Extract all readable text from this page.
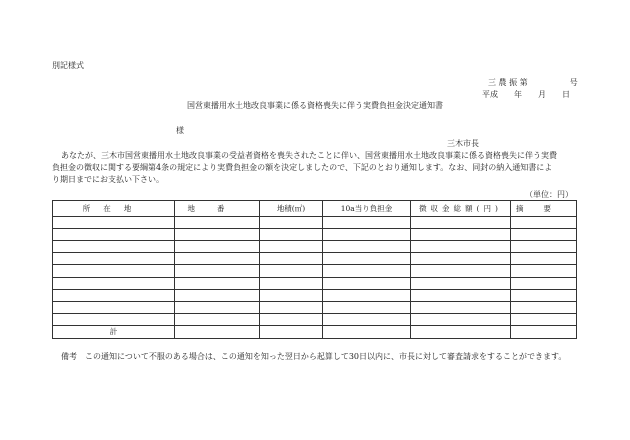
別記様式
三 農 振 第 　　 　 　 号
平成　　年　　月　　日
国営東播用水土地改良事業に係る資格喪失に伴う実費負担金決定通知書
様
三木市長
あなたが、三木市国営東播用水土地改良事業の受益者資格を喪失されたことに伴い、国営東播用水土地改良事業に係る資格喪失に伴う実費
負担金の徴収に関する要綱第4条の規定により実費負担金の額を決定しましたので、下記のとおり通知します。なお、同封の納入通知書によ
り期日までにお支払い下さい。
（単位：円）
所在地	地番	地積(㎡)	10a当り負担金	徴収金総額(円)	摘要

計					
備考　この通知について不服のある場合は、この通知を知った翌日から起算して30日以内に、市長に対して審査請求をすることができます。
